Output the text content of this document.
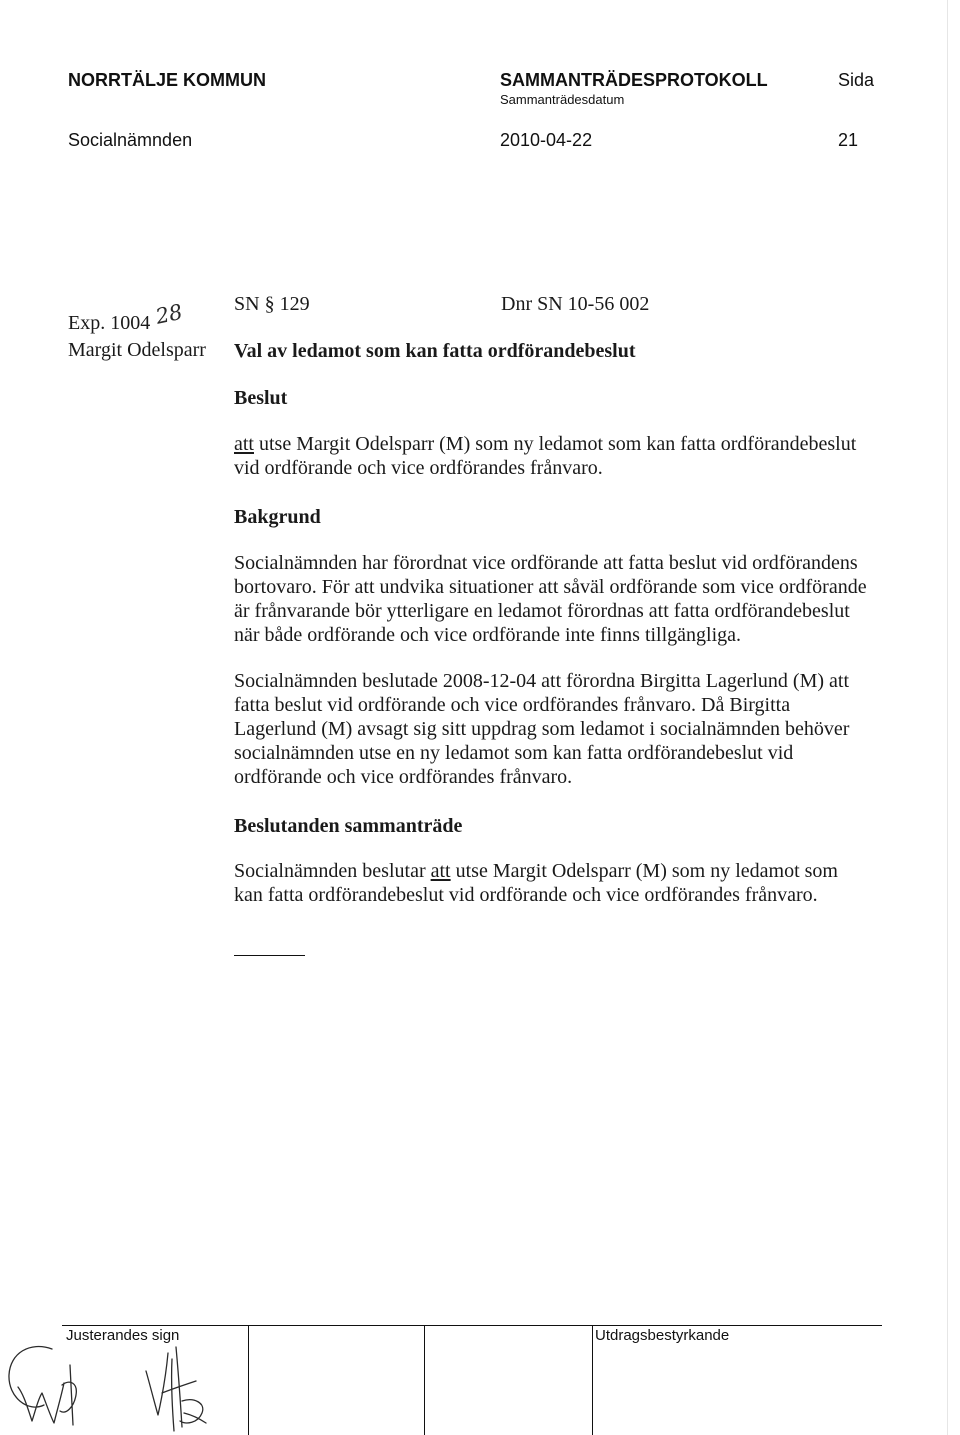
NORRTÄLJE KOMMUN	SAMMANTRÄDESPROTOKOLL	Sida
Sammanträdesdatum
Socialnämnden	2010-04-22	21
Exp. 1004 28
Margit Odelsparr
SN § 129	Dnr SN 10-56 002
Val av ledamot som kan fatta ordförandebeslut
Beslut
att utse Margit Odelsparr (M) som ny ledamot som kan fatta ordförandebeslut
vid ordförande och vice ordförandes frånvaro.
Bakgrund
Socialnämnden har förordnat vice ordförande att fatta beslut vid ordförandens
bortovaro. För att undvika situationer att såväl ordförande som vice ordförande
är frånvarande bör ytterligare en ledamot förordnas att fatta ordförandebeslut
när både ordförande och vice ordförande inte finns tillgängliga.
Socialnämnden beslutade 2008-12-04 att förordna Birgitta Lagerlund (M) att
fatta beslut vid ordförande och vice ordförandes frånvaro. Då Birgitta
Lagerlund (M) avsagt sig sitt uppdrag som ledamot i socialnämnden behöver
socialnämnden utse en ny ledamot som kan fatta ordförandebeslut vid
ordförande och vice ordförandes frånvaro.
Beslutanden sammanträde
Socialnämnden beslutar att utse Margit Odelsparr (M) som ny ledamot som
kan fatta ordförandebeslut vid ordförande och vice ordförandes frånvaro.
Justerandes sign	Utdragsbestyrkande
